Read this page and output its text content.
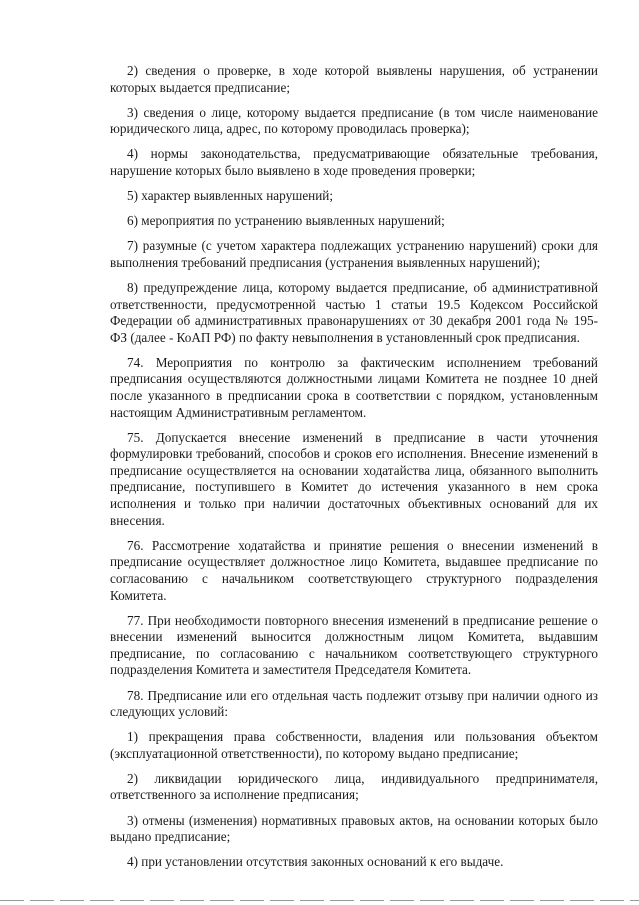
2) сведения о проверке, в ходе которой выявлены нарушения, об устранении которых выдается предписание;

3) сведения о лице, которому выдается предписание (в том числе наименование юридического лица, адрес, по которому проводилась проверка);

4) нормы законодательства, предусматривающие обязательные требования, нарушение которых было выявлено в ходе проведения проверки;

5) характер выявленных нарушений;

6) мероприятия по устранению выявленных нарушений;

7) разумные (с учетом характера подлежащих устранению нарушений) сроки для выполнения требований предписания (устранения выявленных нарушений);

8) предупреждение лица, которому выдается предписание, об административной ответственности, предусмотренной частью 1 статьи 19.5 Кодексом Российской Федерации об административных правонарушениях от 30 декабря 2001 года № 195-ФЗ (далее - КоАП РФ) по факту невыполнения в установленный срок предписания.

74. Мероприятия по контролю за фактическим исполнением требований предписания осуществляются должностными лицами Комитета не позднее 10 дней после указанного в предписании срока в соответствии с порядком, установленным настоящим Административным регламентом.

75. Допускается внесение изменений в предписание в части уточнения формулировки требований, способов и сроков его исполнения. Внесение изменений в предписание осуществляется на основании ходатайства лица, обязанного выполнить предписание, поступившего в Комитет до истечения указанного в нем срока исполнения и только при наличии достаточных объективных оснований для их внесения.

76. Рассмотрение ходатайства и принятие решения о внесении изменений в предписание осуществляет должностное лицо Комитета, выдавшее предписание по согласованию с начальником соответствующего структурного подразделения Комитета.

77. При необходимости повторного внесения изменений в предписание решение о внесении изменений выносится должностным лицом Комитета, выдавшим предписание, по согласованию с начальником соответствующего структурного подразделения Комитета и заместителя Председателя Комитета.

78. Предписание или его отдельная часть подлежит отзыву при наличии одного из следующих условий:

1) прекращения права собственности, владения или пользования объектом (эксплуатационной ответственности), по которому выдано предписание;

2) ликвидации юридического лица, индивидуального предпринимателя, ответственного за исполнение предписания;

3) отмены (изменения) нормативных правовых актов, на основании которых было выдано предписание;

4) при установлении отсутствия законных оснований к его выдаче.
